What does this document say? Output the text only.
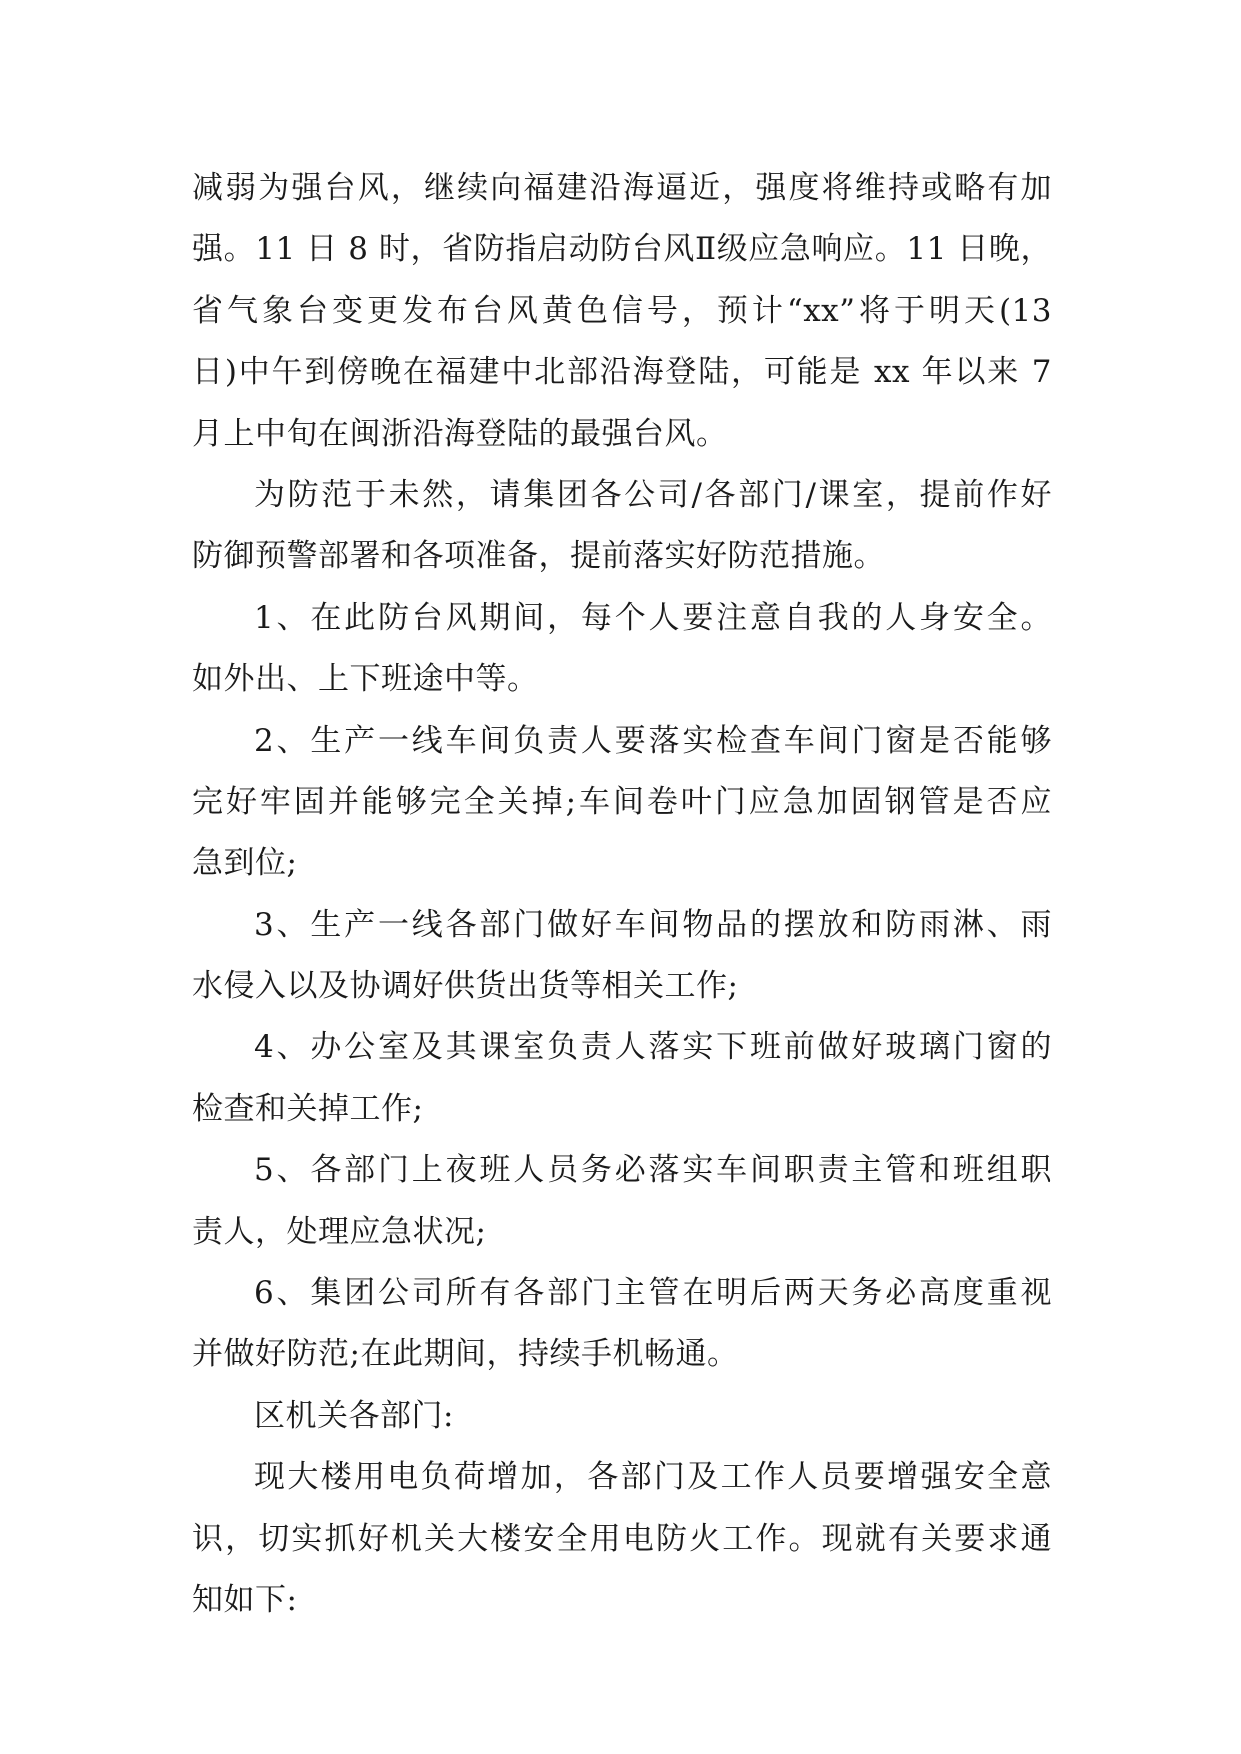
减弱为强台风，继续向福建沿海逼近，强度将维持或略有加
强。11 日 8 时，省防指启动防台风Ⅱ级应急响应。11 日晚，
省气象台变更发布台风黄色信号，预计“xx”将于明天(13
日)中午到傍晚在福建中北部沿海登陆，可能是 xx 年以来 7
月上中旬在闽浙沿海登陆的最强台风。
为防范于未然，请集团各公司/各部门/课室，提前作好
防御预警部署和各项准备，提前落实好防范措施。
1、在此防台风期间，每个人要注意自我的人身安全。
如外出、上下班途中等。
2、生产一线车间负责人要落实检查车间门窗是否能够
完好牢固并能够完全关掉;车间卷叶门应急加固钢管是否应
急到位;
3、生产一线各部门做好车间物品的摆放和防雨淋、雨
水侵入以及协调好供货出货等相关工作;
4、办公室及其课室负责人落实下班前做好玻璃门窗的
检查和关掉工作;
5、各部门上夜班人员务必落实车间职责主管和班组职
责人，处理应急状况;
6、集团公司所有各部门主管在明后两天务必高度重视
并做好防范;在此期间，持续手机畅通。
区机关各部门:
现大楼用电负荷增加，各部门及工作人员要增强安全意
识，切实抓好机关大楼安全用电防火工作。现就有关要求通
知如下:
